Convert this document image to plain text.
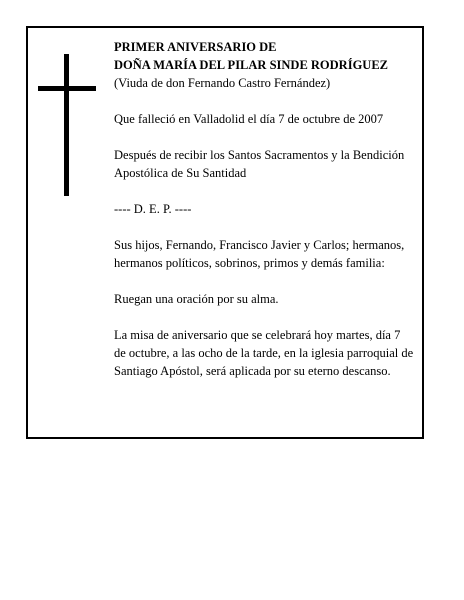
PRIMER ANIVERSARIO DE
DOÑA MARÍA DEL PILAR SINDE RODRÍGUEZ
(Viuda de don Fernando Castro Fernández)

Que falleció en Valladolid el día 7 de octubre de 2007

Después de recibir los Santos Sacramentos y la Bendición Apostólica de Su Santidad

---- D. E. P. ----

Sus hijos, Fernando, Francisco Javier y Carlos; hermanos, hermanos políticos, sobrinos, primos y demás familia:

Ruegan una oración por su alma.

La misa de aniversario que se celebrará hoy martes, día 7 de octubre, a las ocho de la tarde, en la iglesia parroquial de Santiago Apóstol, será aplicada por su eterno descanso.
